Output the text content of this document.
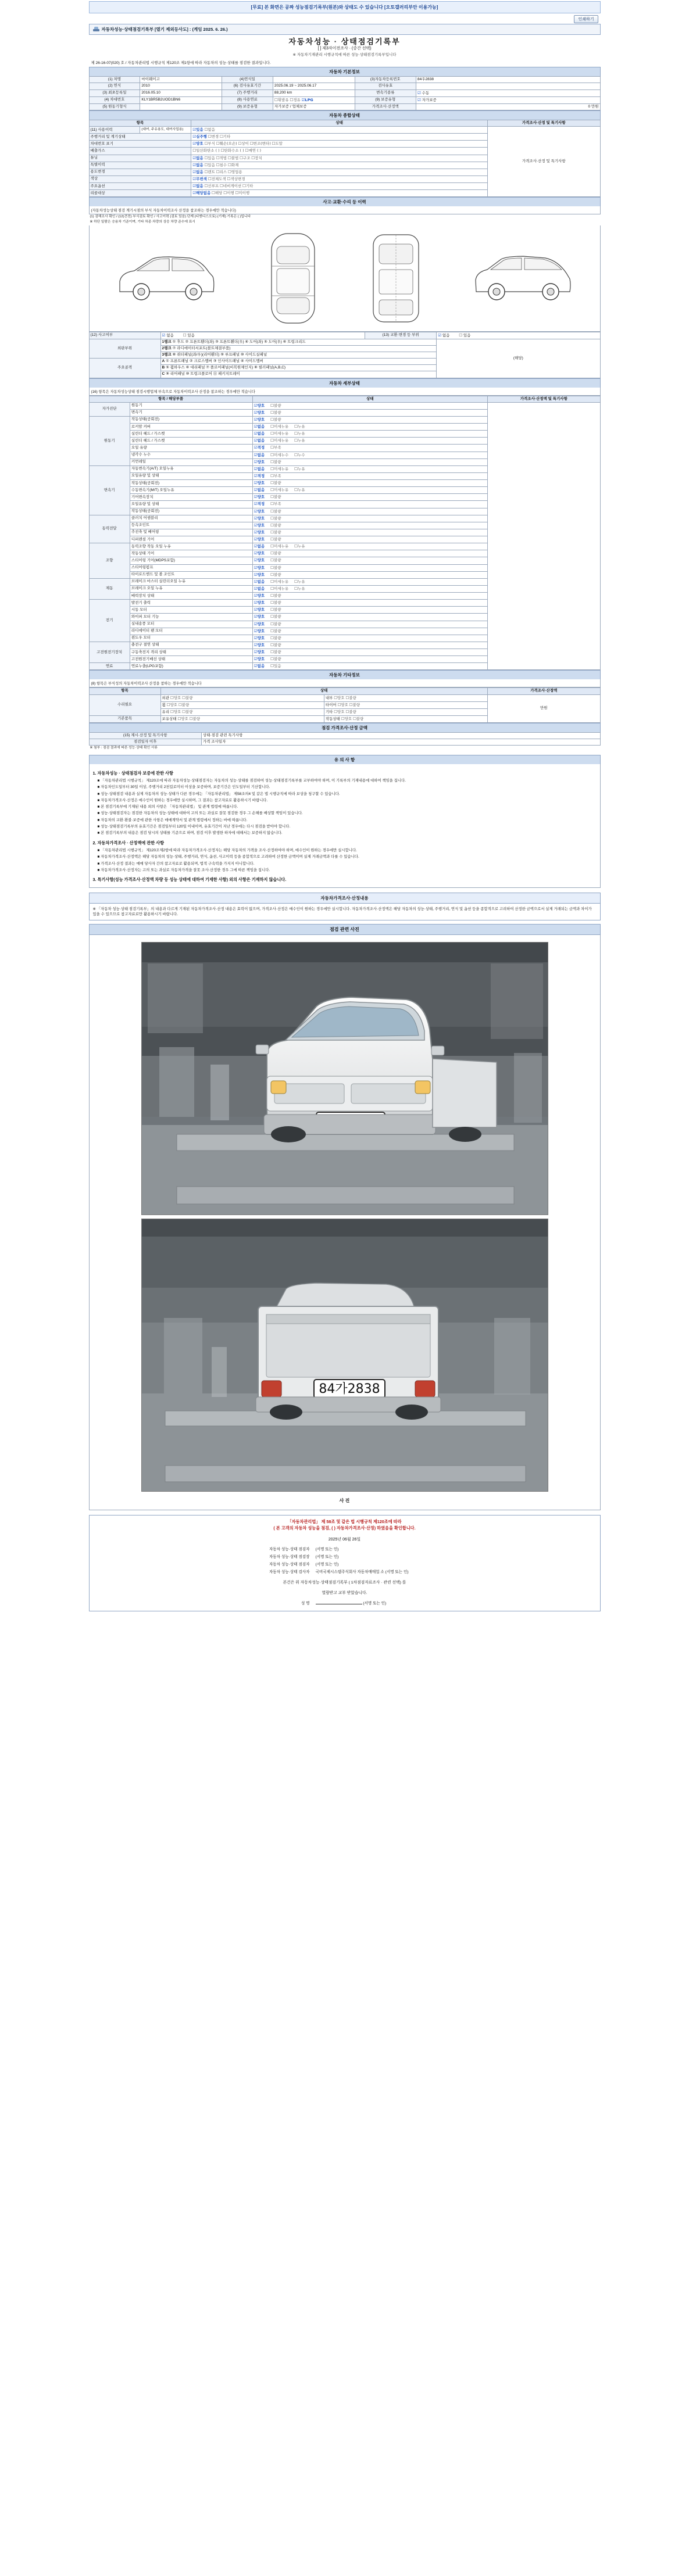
[무료] 본 화면은 공짜 성능점검기록부(원본)와 상태도 수 있습니다 [오토갤러리부안 이용가능]
인쇄하기
자동차성능·상태점검기록부 [열기 제외등사도] : (게임 2025. 6. 26.)
자동차성능 · 상태점검기록부
[ ] 제3자이전조사 · (중간 선택)
※ 자동차기재관리 시행규칙에 따른 성능·상태점검기록부입니다
제 26-16-07(020) 호 / 자동차관리법 시행규칙 제120조 제1항에 따라 자동차의 성능·상태를 점검한 결과입니다.
자동차 기본정보
(1) 차명	마이웨이고	(4)연식일		(3)자동차등록번호	84우2838
(2) 연식	2010	(6) 검사유효기간	2025.06.19 ~ 2025.06.17	검사유효	
(3) 최초등록일	2016.05.10	(7) 주행거리	88,200 km	변속기종류	☑ 수동
(4) 차대번호	KLY1BR5B2UOD1BN6	(8) 사용연료	☐휘발유 ☐경유 ☑LPG	(9) 보증유형	☑ 자가보증
(5) 원동기형식		(9) 보증유형	자가보증 / 업체보증	가격조사·산정액	0 만원
자동차 종합상태
항목		상태	가격조사·산정 및 특기사항
(11) 사용이력	(대여, 주유용도, 대여사업용)	☑있음 ☐없음	가격조사·산정 및 특기사항

주행거리 및 계기상태		☑실주행 ☐변경 ☐기타	
차대번호 표기		☑양호 ☐부식 ☐훼손(오손) ☐상이 ☐변조(변타) ☐도말	
배출가스		☐일산화탄소 ( ) ☐탄화수소 ( ) ☐매연 ( )	
튜닝		☑없음 ☐있음 ☐적법 ☐불법 ☐구조 ☐장치	
특별이력		☑없음 ☐있음 ☐침수 ☐화재	
용도변경		☑없음 ☐렌트 ☐리스 ☐영업용	
색상		☑무변색 ☐전체도색 ☐색상변경	
주요옵션		☑없음 ☐선루프 ☐네비게이션 ☐기타	
리콜대상		☑해당없음 ☐해당 ☐이행 ☐미이행	
사고·교환·수리 등 이력
(자동차성능상태 점검 계기시점의 부식 자동차이력조사 산정을 참조하는 경우에만 적습니다)
(1) 검해조사 확인 / (12)견전) 부식검토 확인 / 사고이력 (검토 있음) 단계 (디앤디스오토) (기재) 기록은 ( )입니다
※ 하단 일람은 승용차 기준이며, 기타 차종·차량의 상응 차량 준수에 표시
(12) 사고여부	☑ 없음 ☐ 있음	(13) 교환·변경 등 부위	☑ 없음 ☐ 있음
외판부위	1랭크 ① 후드 ② 프론트휀더(좌) ③ 프론트휀더(우) ④ 도어(좌) ⑤ 도어(우) ⑥ 트렁크리드		(해당)
	2랭크 ⑦ 라디에이터서포트(볼트체결부품)		
	3랭크 ⑧ 쿼터패널(좌/우)(리어휀더) ⑨ 루프패널 ⑩ 사이드실패널		
주요골격	A ① 프론트패널 ② 크로스멤버 ③ 인사이드패널 ④ 사이드멤버		
	B ⑤ 휠하우스 ⑥ 대쉬패널 ⑦ 플로어패널(비복원체인지) ⑧ 필러패널(A,B,C)		
	C ⑨ 리어패널 ⑩ 트렁크플로어 ⑪ 패키지트레이		
자동차 세부상태
(16) 항목은 자동차성능상태 점검시행업체 부속으로 자동차이력조사 산정을 참조하는 경우에만 적습니다
항목 / 해당부품		상태	가격조사·산정액 및 특기사항
자가진단	원동기	☑양호 ☐불량	
	변속기	☑양호 ☐불량	
원동기	작동상태(공회전)	☑양호 ☐불량	
	로커암 커버	☑없음 ☐미세누유 ☐누유	
	실린더 헤드 / 가스켓	☑없음 ☐미세누유 ☐누유	
	실린더 헤드 / 가스켓	☑없음 ☐미세누유 ☐누유	
	오일 유량	☑적정 ☐부족	
	냉각수 누수	☑없음 ☐미세누수 ☐누수	
	커먼레일	☑양호 ☐불량	
변속기	자동변속기(A/T) 오일누유	☑없음 ☐미세누유 ☐누유	
	오일유량 및 상태	☑적정 ☐부족	
	작동상태(공회전)	☑양호 ☐불량	
	수동변속기(M/T) 오일누유	☑없음 ☐미세누유 ☐누유	
	기어변속장치	☑양호 ☐불량	
	오일유량 및 상태	☑적정 ☐부족	
	작동상태(공회전)	☑양호 ☐불량	
동력전달	클러치 어셈블리	☑양호 ☐불량	
	등속조인트	☑양호 ☐불량	
	추진축 및 베어링	☑양호 ☐불량	
	디퍼렌셜 기어	☑양호 ☐불량	
조향	동력조향 작동 오일 누유	☑없음 ☐미세누유 ☐누유	
	작동상태 기어	☑양호 ☐불량	
	스티어링 기어(MDPS포함)	☑양호 ☐불량	
	스티어링펌프	☑양호 ☐불량	
	타이로드엔드 및 볼 조인트	☑양호 ☐불량	
제동	브레이크 마스터 실린더오일 누유	☑없음 ☐미세누유 ☐누유	
	브레이크 오일 누유	☑없음 ☐미세누유 ☐누유	
	배력장치 상태	☑양호 ☐불량	
전기	발전기 출력	☑양호 ☐불량	
	시동 모터	☑양호 ☐불량	
	와이퍼 모터 기능	☑양호 ☐불량	
	실내송풍 모터	☑양호 ☐불량	
	라디에이터 팬 모터	☑양호 ☐불량	
	윈도우 모터	☑양호 ☐불량	
고전원전기장치	충전구 절연 상태	☑양호 ☐불량	
	구동축전지 격리 상태	☑양호 ☐불량	
	고전원전기배선 상태	☑양호 ☐불량	
연료	연료누출(LPG포함)	☑없음 ☐있음	
자동차 기타정보
(8) 항목은 부식성의 자동차이력조사 산정을 참하는 경우에만 적습니다
항목	상태		가격조사·산정액
수리필요	외관 ☐양호 ☐불량	내부 ☐양호 ☐불량	만원
	휠 ☐양호 ☐불량	타이어 ☐양호 ☐불량	
	유리 ☐양호 ☐불량	기타 ☐양호 ☐불량	
기본품목	보유상태 ☐양호 ☐불량	작동상태 ☐양호 ☐불량	
점검 가격조사·산정 금액
(15) 제시·산정 및 특기사항	상태·점검 관련 특기사항
점검일자 이후	가격 조사일자
※ 첨부 : 점검 결과에 따른 성능·상태 확인 서류
유 의 사 항
1. 자동차성능 · 상태점검자 보증에 관한 사항

■ 「자동차관리법 시행규칙」 제120조에 따라 자동차성능·상태점검자는 자동차의 성능·상태를 점검하여 성능·상태점검기록부를 교부하여야 하며, 이 기록부의 기재내용에 대하여 책임을 집니다.

■ 자동차인도일부터 30일 이상, 주행거리 2천킬로미터 이상을 보증하며, 보증기간은 인도일부터 기산합니다.

■ 성능·상태점검 내용과 실제 자동차의 성능·상태가 다른 경우에는 「자동차관리법」 제58조의4 및 같은 법 시행규칙에 따라 보상을 청구할 수 있습니다.

■ 자동차가격조사·산정은 매수인이 원하는 경우에만 실시하며, 그 결과는 참고자료로 활용하시기 바랍니다.

■ 본 점검기록부에 기재된 내용 외의 사항은 「자동차관리법」 및 관계 법령에 따릅니다.

■ 성능·상태점검자는 점검한 자동차의 성능·상태에 대하여 고의 또는 과실로 잘못 점검한 경우 그 손해를 배상할 책임이 있습니다.

■ 자동차의 교환·환불·보증에 관한 사항은 매매계약서 및 관계 법령에서 정하는 바에 따릅니다.

■ 성능·상태점검기록부의 유효기간은 점검일부터 120일 이내이며, 유효기간이 지난 경우에는 다시 점검을 받아야 합니다.

■ 본 점검기록부의 내용은 점검 당시의 상태를 기준으로 하며, 점검 이후 발생한 하자에 대해서는 보증하지 않습니다.

2. 자동차가격조사 · 산정액에 관한 사항

■ 「자동차관리법 시행규칙」 제120조제2항에 따라 자동차가격조사·산정자는 해당 자동차의 가격을 조사·산정하여야 하며, 매수인이 원하는 경우에만 실시합니다.

■ 자동차가격조사·산정액은 해당 자동차의 성능·상태, 주행거리, 연식, 옵션, 사고이력 등을 종합적으로 고려하여 산정한 금액이며 실제 거래금액과 다를 수 있습니다.

■ 가격조사·산정 결과는 매매 당사자 간의 참고자료로 활용되며, 법적 구속력을 가지지 아니합니다.

■ 자동차가격조사·산정자는 고의 또는 과실로 자동차가격을 잘못 조사·산정한 경우 그에 따른 책임을 집니다.

3. 특기사항(성능 가격조사·산정액 차량 등 성능 상태에 대하여 기재한 사항) 외의 사항은 기재하지 않습니다.
자동차가격조사·산정내용
※ 「자동차 성능·상태 점검기록부」의 내용과 다르게 기재된 자동차가격조사·산정 내용은 효력이 없으며, 가격조사·산정은 매수인이 원하는 경우에만 실시합니다. 자동차가격조사·산정액은 해당 자동차의 성능·상태, 주행거리, 연식 및 옵션 등을 종합적으로 고려하여 산정한 금액으로서 실제 거래되는 금액과 차이가 있을 수 있으므로 참고자료로만 활용하시기 바랍니다.
점검 관련 사진
84가2838
사 진
「자동차관리법」 제 58조 및 같은 법 시행규칙 제120조에 따라
( 본 고객의 자동차 성능을 점검, ( ) 자동차가격조사·산정) 하였음을 확인합니다.
2025년 06월 26일
자동차 성능·상태 점검자 (서명 또는 인)
자동차 성능·상태 점검장 (서명 또는 인)
자동차 성능·상태 점검자 (서명 또는 인)
자동차 성능·상태 검사자 국비국제시스템주식회사 자동차매매업 소 (서명 또는 인)
본건은 위 자동차성능·상태점검기록부 ( 1차점검자료조사 · 관련 선택) 를
열람받고 교부 받았습니다.
성 명	(서명 또는 인)
